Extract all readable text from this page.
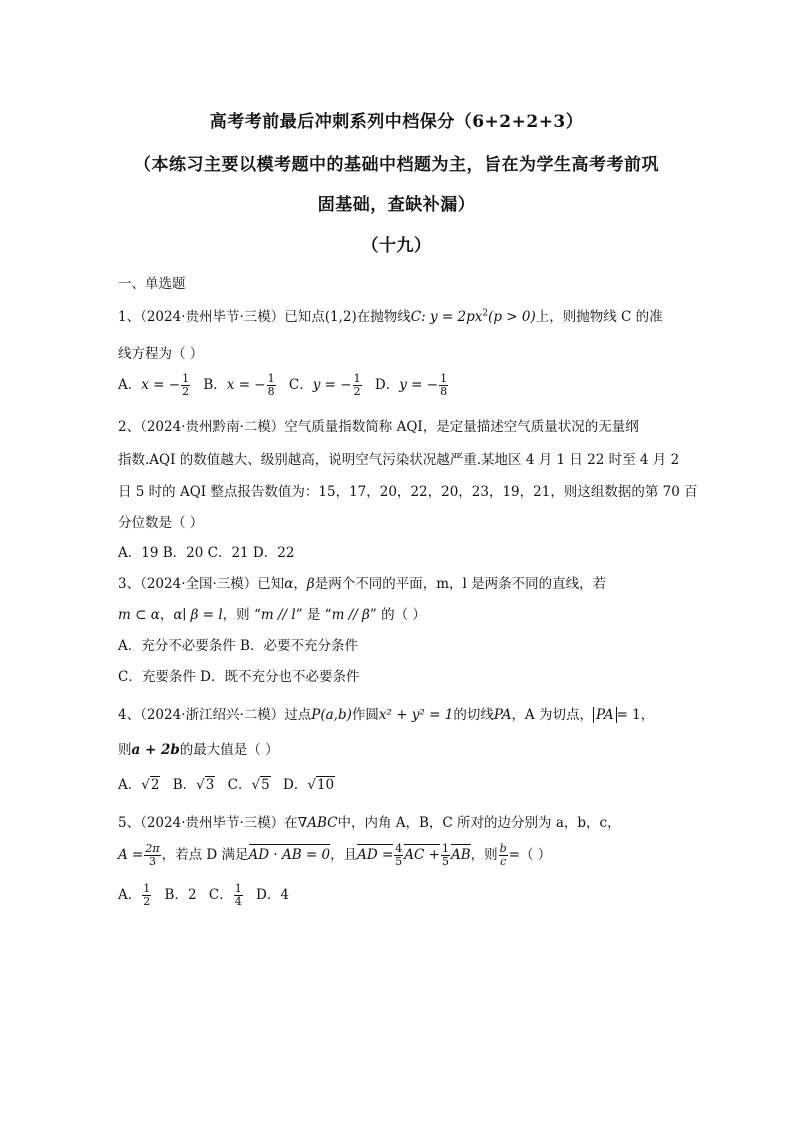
高考考前最后冲刺系列中档保分（6+2+2+3）
（本练习主要以模考题中的基础中档题为主，旨在为学生高考考前巩
固基础，查缺补漏）
（十九）
一、单选题
1、（2024·贵州毕节·三模）已知点(1,2)在抛物线C: $y = 2px^2(p > 0)$上，则抛物线 C 的准
线方程为（ ）
A．x = − $\frac{1}{2}$ B．x = − $\frac{1}{8}$ C．y = − $\frac{1}{2}$ D．y = − $\frac{1}{8}$
2、（2024·贵州黔南·二模）空气质量指数简称 AQI，是定量描述空气质量状况的无量纲
指数.AQI 的数值越大、级别越高，说明空气污染状况越严重.某地区 4 月 1 日 22 时至 4 月 2
日 5 时的 AQI 整点报告数值为：15，17，20，22，20，23，19，21，则这组数据的第 70 百
分位数是（ ）
A．19 B．20 C．21 D．22
3、（2024·全国·三模）已知α，β是两个不同的平面，m，l 是两条不同的直线，若
m ⊂ α，α∣ β = l，则 “m // l” 是 “m // β” 的（ ）
A．充分不必要条件 B．必要不充分条件
C．充要条件 D．既不充分也不必要条件
4、（2024·浙江绍兴·二模）过点P(a,b)作圆x² + y² = 1的切线PA，A 为切点， PA = 1，
则a + 2b的最大值是（ ）
A．√2 B．√3 C．√5 D．√10
5、（2024·贵州毕节·三模）在∇ABC中，内角 A，B，C 所对的边分别为 a，b，c，
$A = \frac{2\pi}{3}$ ，若点 D 满足AD · AB = 0，且AD = $\frac{4}{5}$ AC + $\frac{1}{5}$ AB，则 $\frac{b}{c}$ =（ ）
A． $\frac{1}{2}$ B．2 C． $\frac{1}{4}$ D．4
